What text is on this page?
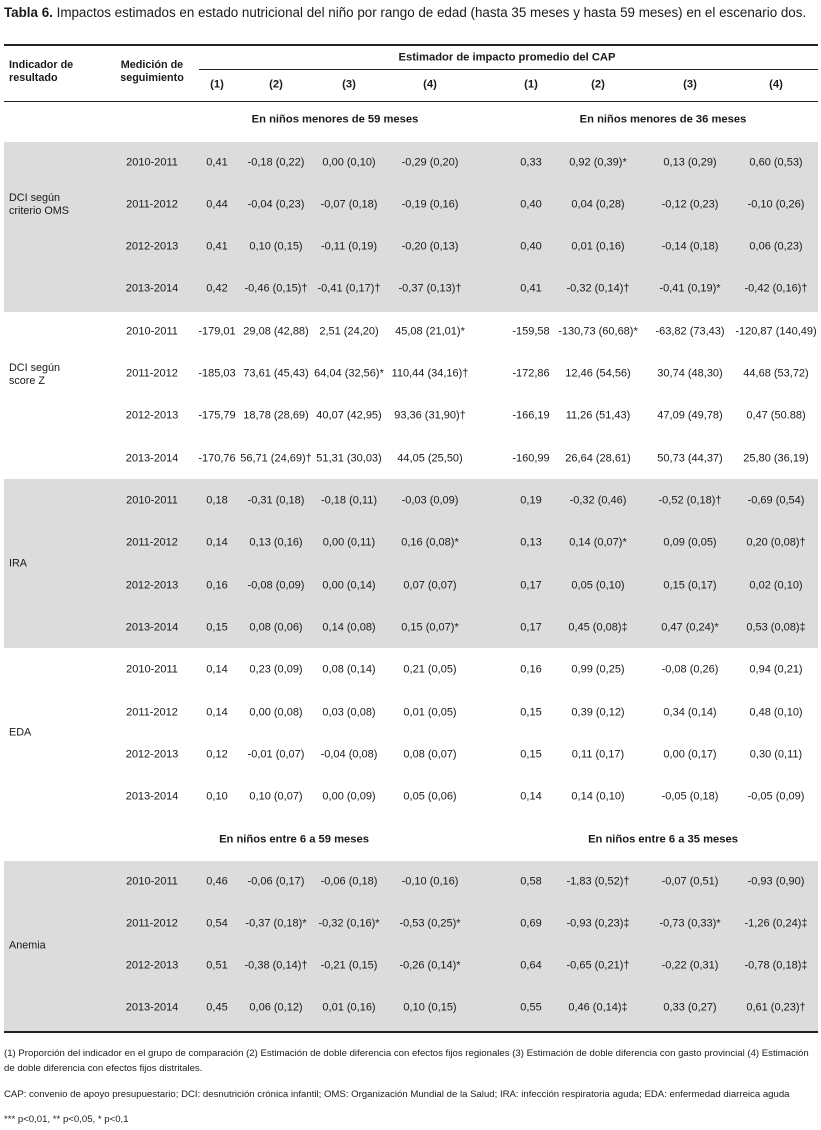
Tabla 6. Impactos estimados en estado nutricional del niño por rango de edad (hasta 35 meses y hasta 59 meses) en el escenario dos.
Indicador de resultado
Medición de seguimiento
Estimador de impacto promedio del CAP
(1)	(2)	(3)	(4)	(1)	(2)	(3)	(4)
En niños menores de 59 meses	En niños menores de 36 meses
En niños entre 6 a 59 meses	En niños entre 6 a 35 meses
DCI según criterio OMS
2010-2011	0,41 -0,18 (0,22) 0,00 (0,10) -0,29 (0,20)	0,33	0,92 (0,39)*	0,13 (0,29)	0,60 (0,53)
2011-2012	0,44 -0,04 (0,23) -0,07 (0,18) -0,19 (0,16)	0,40	0,04 (0,28)	-0,12 (0,23)	-0,10 (0,26)
2012-2013	0,41 0,10 (0,15) -0,11 (0,19) -0,20 (0,13)	0,40	0,01 (0,16)	-0,14 (0,18)	0,06 (0,23)
2013-2014	0,42 -0,46 (0,15)† -0,41 (0,17)† -0,37 (0,13)†	0,41 -0,32 (0,14)†	-0,41 (0,19)* -0,42 (0,16)†
DCI según score Z
2010-2011 -179,01 29,08 (42,88) 2,51 (24,20) 45,08 (21,01)*	-159,58 -130,73 (60,68)* -63,82 (73,43) -120,87 (140,49)
2011-2012 -185,03 73,61 (45,43) 64,04 (32,56)* 110,44 (34,16)†	-172,86 12,46 (54,56) 30,74 (48,30) 44,68 (53,72)
2012-2013 -175,79 18,78 (28,69) 40,07 (42,95) 93,36 (31,90)†	-166,19 11,26 (51,43) 47,09 (49,78) 0,47 (50.88)
2013-2014 -170,76 56,71 (24,69)† 51,31 (30,03) 44,05 (25,50)	-160,99 26,64 (28,61) 50,73 (44,37) 25,80 (36,19)
IRA
2010-2011	0,18 -0,31 (0,18) -0,18 (0,11) -0,03 (0,09)	0,19	-0,32 (0,46)	-0,52 (0,18)† -0,69 (0,54)
2011-2012	0,14 0,13 (0,16) 0,00 (0,11) 0,16 (0,08)*	0,13	0,14 (0,07)*	0,09 (0,05)	0,20 (0,08)†
2012-2013	0,16 -0,08 (0,09) 0,00 (0,14)	0,07 (0,07)	0,17	0,05 (0,10)	0,15 (0,17)	0,02 (0,10)
2013-2014	0,15 0,08 (0,06) 0,14 (0,08) 0,15 (0,07)*	0,17 0,45 (0,08)‡	0,47 (0,24)*	0,53 (0,08)‡
EDA
2010-2011	0,14 0,23 (0,09) 0,08 (0,14)	0,21 (0,05)	0,16	0,99 (0,25)	-0,08 (0,26)	0,94 (0,21)
2011-2012	0,14 0,00 (0,08) 0,03 (0,08)	0,01 (0,05)	0,15	0,39 (0,12)	0,34 (0,14)	0,48 (0,10)
2012-2013	0,12 -0,01 (0,07) -0,04 (0,08) 0,08 (0,07)	0,15	0,11 (0,17)	0,00 (0,17)	0,30 (0,11)
2013-2014	0,10 0,10 (0,07) 0,00 (0,09)	0,05 (0,06)	0,14	0,14 (0,10)	-0,05 (0,18)	-0,05 (0,09)
Anemia
2010-2011	0,46 -0,06 (0,17) -0,06 (0,18) -0,10 (0,16)	0,58 -1,83 (0,52)†	-0,07 (0,51)	-0,93 (0,90)
2011-2012	0,54 -0,37 (0,18)* -0,32 (0,16)* -0,53 (0,25)*	0,69 -0,93 (0,23)‡	-0,73 (0,33)* -1,26 (0,24)‡
2012-2013	0,51 -0,38 (0,14)† -0,21 (0,15) -0,26 (0,14)*	0,64 -0,65 (0,21)†	-0,22 (0,31) -0,78 (0,18)‡
2013-2014	0,45 0,06 (0,12) 0,01 (0,16)	0,10 (0,15)	0,55 0,46 (0,14)‡	0,33 (0,27)	0,61 (0,23)†
(1) Proporción del indicador en el grupo de comparación (2) Estimación de doble diferencia con efectos fijos regionales (3) Estimación de doble diferencia con gasto provincial (4) Estimación de doble diferencia con efectos fijos distritales.
CAP: convenio de apoyo presupuestario; DCI: desnutrición crónica infantil; OMS: Organización Mundial de la Salud; IRA: infección respiratoria aguda; EDA: enfermedad diarreica aguda
*** p<0,01, ** p<0,05, * p<0,1
